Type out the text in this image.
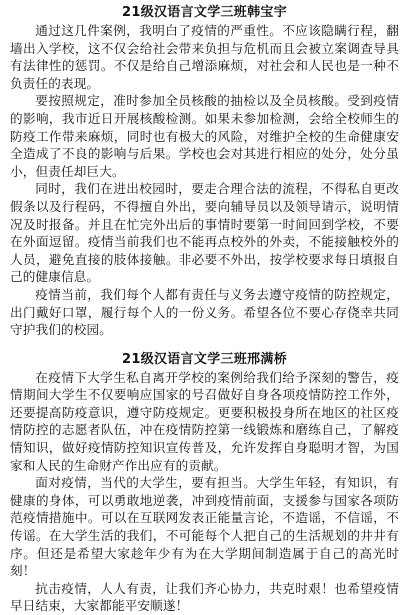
21级汉语言文学三班韩宝宇

通过这几件案例，我明白了疫情的严重性。不应该隐瞒行程，翻墙出入学校，这不仅会给社会带来负担与危机而且会被立案调查导具有法律性的惩罚。不仅是给自己增添麻烦，对社会和人民也是一种不负责任的表现。

要按照规定，准时参加全员核酸的抽检以及全员核酸。受到疫情的影响，我市近日开展核酸检测。如果未参加检测，会给全校师生的防疫工作带来麻烦，同时也有极大的风险，对维护全校的生命健康安全造成了不良的影响与后果。学校也会对其进行相应的处分，处分虽小，但责任却巨大。

同时，我们在进出校园时，要走合理合法的流程，不得私自更改假条以及行程码，不得擅自外出，要向辅导员以及领导请示，说明情况及时报备。并且在忙完外出后的事情时要第一时间回到学校，不要在外面逗留。疫情当前我们也不能再点校外的外卖，不能接触校外的人员，避免直接的肢体接触。非必要不外出，按学校要求每日填报自己的健康信息。

疫情当前，我们每个人都有责任与义务去遵守疫情的防控规定，出门戴好口罩，履行每个人的一份义务。希望各位不要心存侥幸共同守护我们的校园。

21级汉语言文学三班邢满桥

在疫情下大学生私自离开学校的案例给我们给予深刻的警告，疫情期间大学生不仅要响应国家的号召做好自身各项疫情防控工作外，还要提高防疫意识，遵守防疫规定。更要积极投身所在地区的社区疫情防控的志愿者队伍，冲在疫情防控第一线锻炼和磨练自己，了解疫情知识，做好疫情防控知识宣传普及，允许发挥自身聪明才智，为国家和人民的生命财产作出应有的贡献。

面对疫情，当代的大学生，要有担当。大学生年轻，有知识，有健康的身体，可以勇敢地逆袭，冲到疫情前面，支援参与国家各项防范疫情措施中。可以在互联网发表正能量言论，不造谣，不信谣，不传谣。在大学生活的我们，不可能每个人把自己的生活规划的井井有序。但还是希望大家趁年少有为在大学期间制造属于自己的高光时刻！

抗击疫情，人人有责，让我们齐心协力，共克时艰！也希望疫情早日结束，大家都能平安顺遂！
